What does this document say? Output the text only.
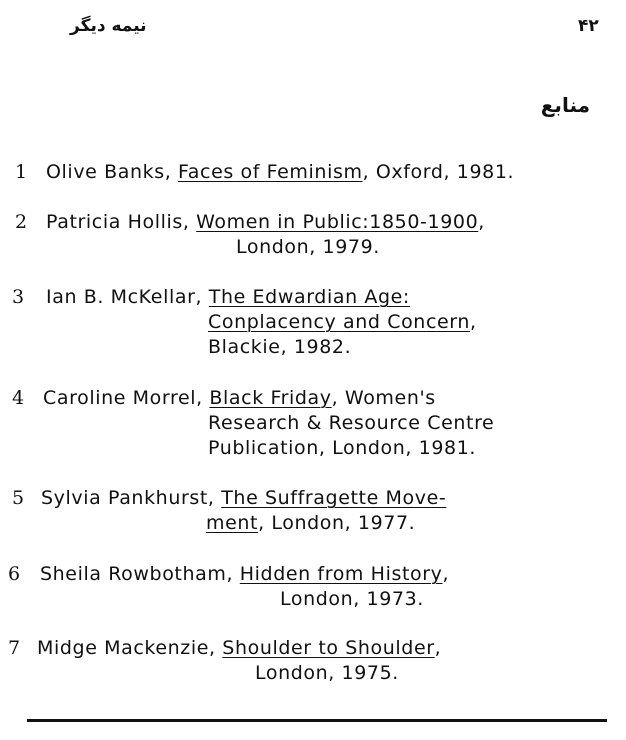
نیمه دیگر	۴۲
منابع
1 Olive Banks, Faces of Feminism, Oxford, 1981.
2 Patricia Hollis, Women in Public:1850-1900,
London, 1979.
3 Ian B. McKellar, The Edwardian Age:
Conplacency and Concern,
Blackie, 1982.
4 Caroline Morrel, Black Friday, Women's
Research & Resource Centre
Publication, London, 1981.
5 Sylvia Pankhurst, The Suffragette Move-
ment, London, 1977.
6 Sheila Rowbotham, Hidden from History,
London, 1973.
7 Midge Mackenzie, Shoulder to Shoulder,
London, 1975.
